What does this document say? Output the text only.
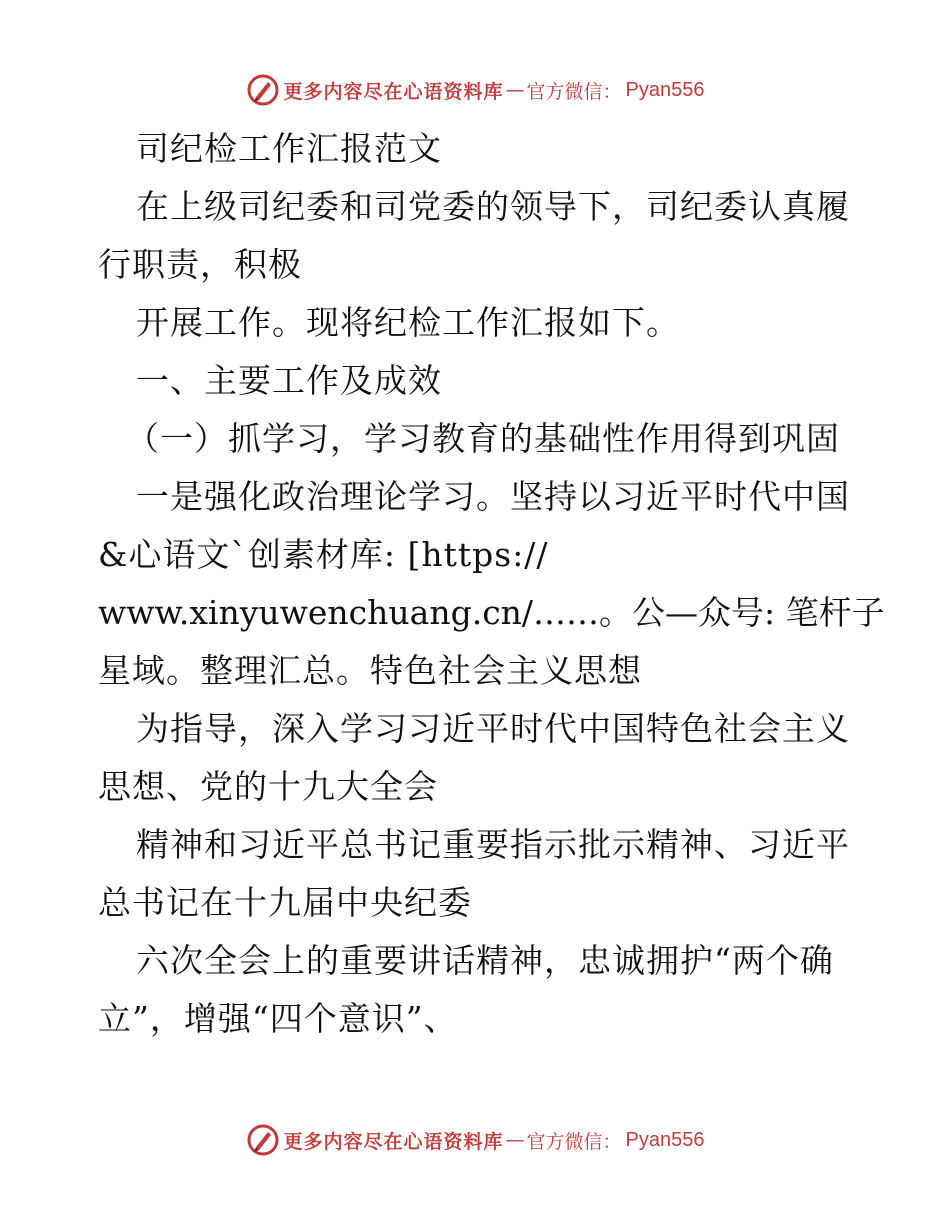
更多内容尽在心语资料库 — 官方微信： Pyan556
司纪检工作汇报范文
在上级司纪委和司党委的领导下，司纪委认真履
行职责，积极
开展工作。现将纪检工作汇报如下。
一、主要工作及成效
（一）抓学习，学习教育的基础性作用得到巩固
一是强化政治理论学习。坚持以习近平时代中国
&心语文`创素材库: [https://
www.xinyuwenchuang.cn/……。公—众号: 笔杆子
星域。整理汇总。特色社会主义思想
为指导，深入学习习近平时代中国特色社会主义
思想、党的十九大全会
精神和习近平总书记重要指示批示精神、习近平
总书记在十九届中央纪委
六次全会上的重要讲话精神，忠诚拥护“两个确
立”，增强“四个意识”、
更多内容尽在心语资料库 — 官方微信： Pyan556
